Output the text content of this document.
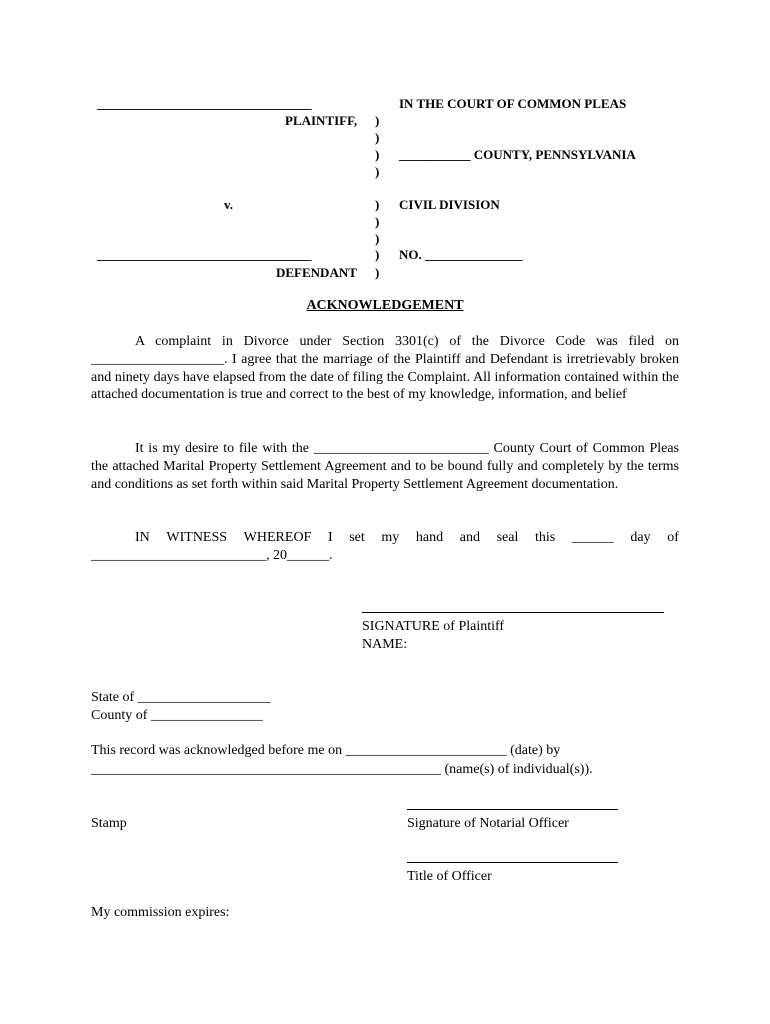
_________________________________
PLAINTIFF,
v.
_________________________________
DEFENDANT
)
)
)
)
)
)
)
)
)
IN THE COURT OF COMMON PLEAS
___________ COUNTY, PENNSYLVANIA
CIVIL DIVISION
NO. _______________
ACKNOWLEDGEMENT
A complaint in Divorce under Section 3301(c) of the Divorce Code was filed on ___________________. I agree that the marriage of the Plaintiff and Defendant is irretrievably broken and ninety days have elapsed from the date of filing the Complaint. All information contained within the attached documentation is true and correct to the best of my knowledge, information, and belief
It is my desire to file with the _________________________ County Court of Common Pleas the attached Marital Property Settlement Agreement and to be bound fully and completely by the terms and conditions as set forth within said Marital Property Settlement Agreement documentation.
IN WITNESS WHEREOF I set my hand and seal this ______ day of
_________________________, 20______.
SIGNATURE of Plaintiff
NAME:
State of ___________________
County of ________________
This record was acknowledged before me on _______________________ (date) by
__________________________________________________ (name(s) of individual(s)).
Stamp	Signature of Notarial Officer
Title of Officer
My commission expires:
